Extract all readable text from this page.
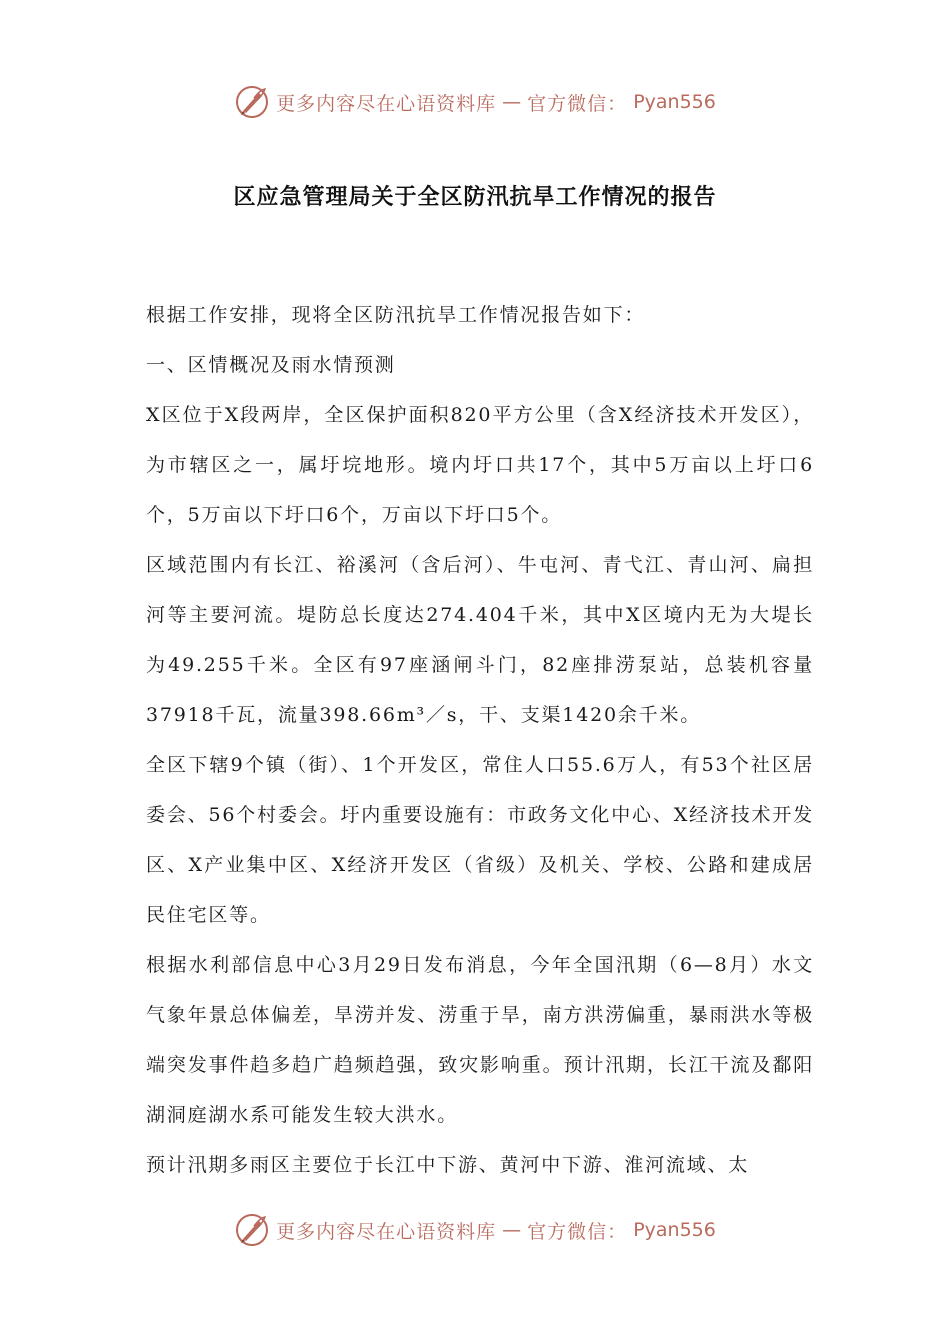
更多内容尽在心语资料库 — 官方微信： Pyan556
区应急管理局关于全区防汛抗旱工作情况的报告

根据工作安排，现将全区防汛抗旱工作情况报告如下：

一、区情概况及雨水情预测

X区位于X段两岸，全区保护面积820平方公里（含X经济技术开发区），为市辖区之一，属圩垸地形。境内圩口共17个，其中5万亩以上圩口6个，5万亩以下圩口6个，万亩以下圩口5个。

区域范围内有长江、裕溪河（含后河）、牛屯河、青弋江、青山河、扁担河等主要河流。堤防总长度达274.404千米，其中X区境内无为大堤长为49.255千米。全区有97座涵闸斗门，82座排涝泵站，总装机容量37918千瓦，流量398.66m³／s，干、支渠1420余千米。

全区下辖9个镇（街）、1个开发区，常住人口55.6万人，有53个社区居委会、56个村委会。圩内重要设施有：市政务文化中心、X经济技术开发区、X产业集中区、X经济开发区（省级）及机关、学校、公路和建成居民住宅区等。

根据水利部信息中心3月29日发布消息，今年全国汛期（6—8月）水文气象年景总体偏差，旱涝并发、涝重于旱，南方洪涝偏重，暴雨洪水等极端突发事件趋多趋广趋频趋强，致灾影响重。预计汛期，长江干流及鄱阳湖洞庭湖水系可能发生较大洪水。

预计汛期多雨区主要位于长江中下游、黄河中下游、淮河流域、太

更多内容尽在心语资料库 — 官方微信： Pyan556
